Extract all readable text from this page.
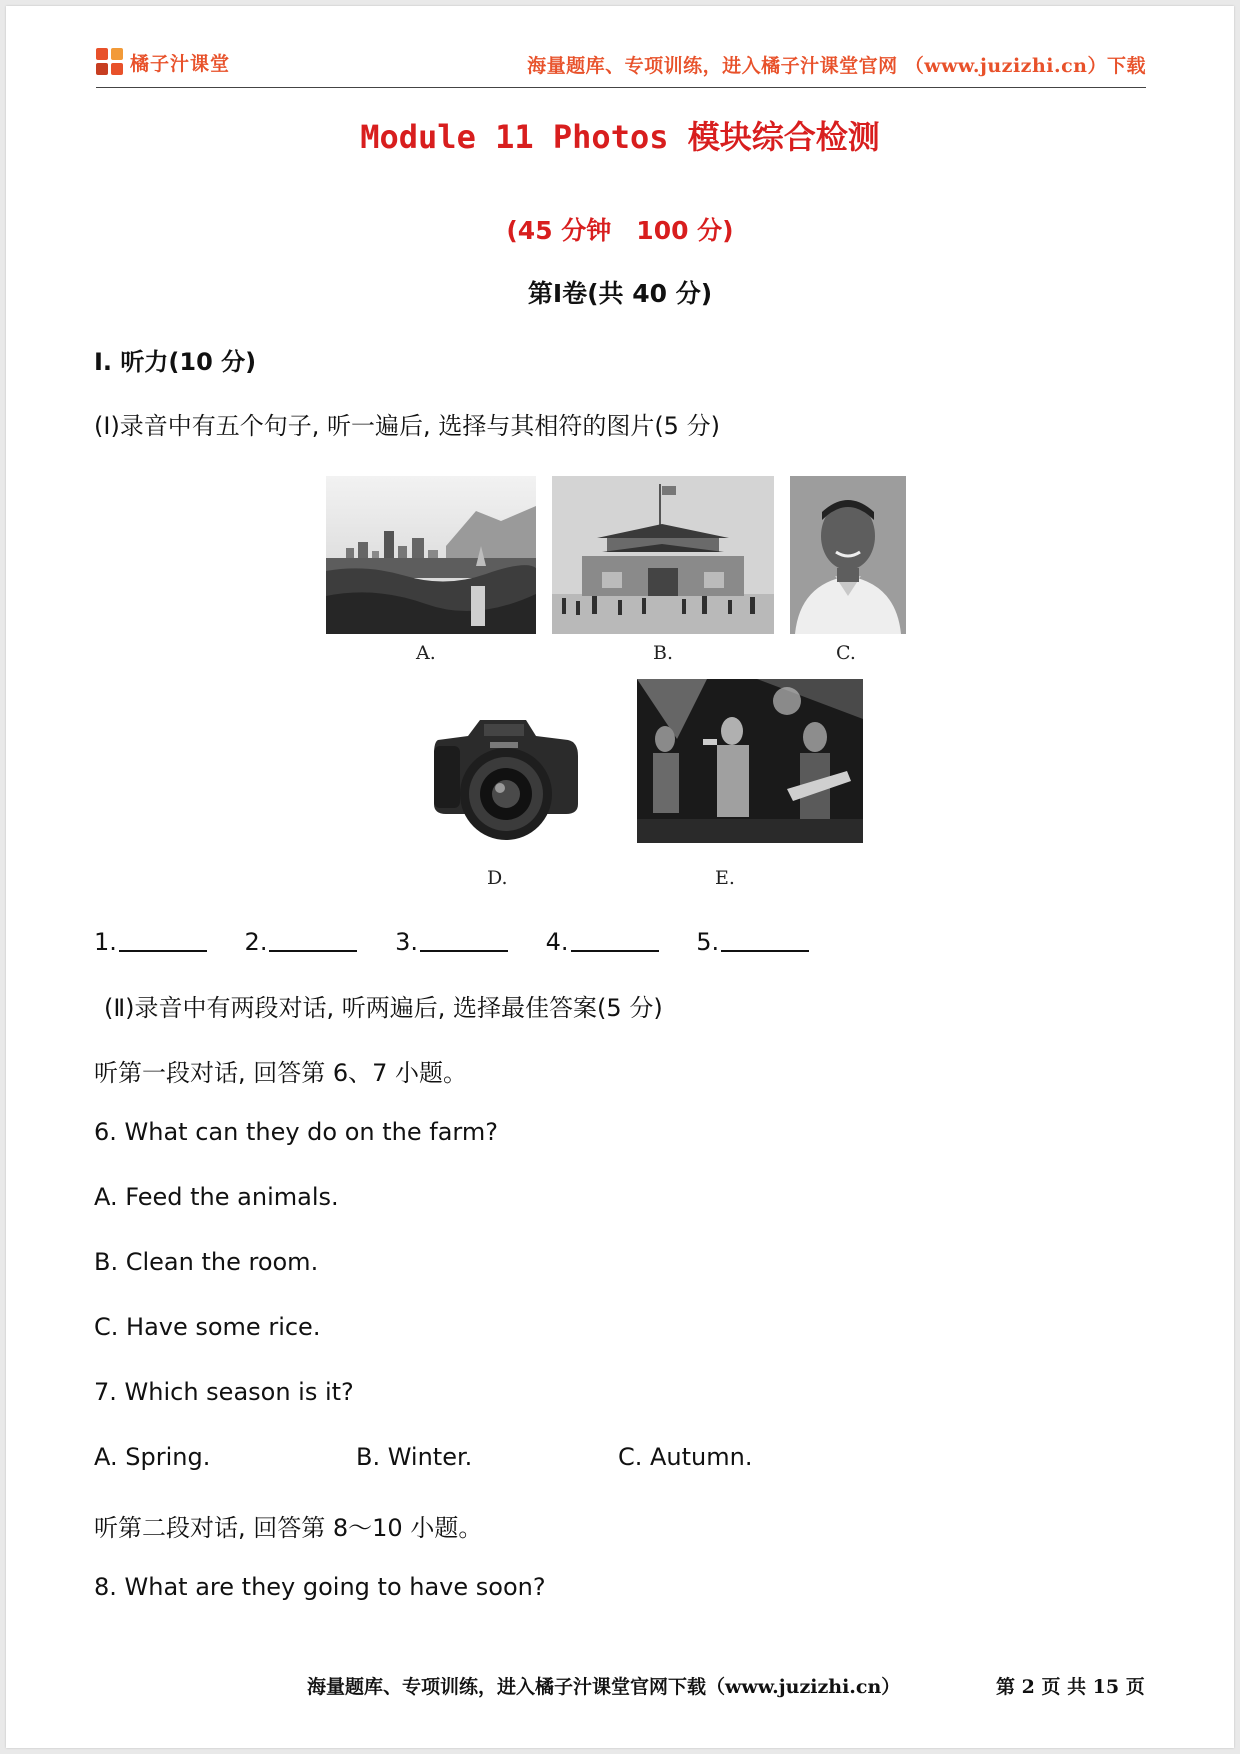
橘子汁课堂	海量题库、专项训练，进入橘子汁课堂官网 （www.juzizhi.cn）下载
Module 11 Photos 模块综合检测
(45 分钟　100 分)
第Ⅰ卷(共 40 分)
Ⅰ. 听力(10 分)
(Ⅰ)录音中有五个句子, 听一遍后, 选择与其相符的图片(5 分)
A.	B.	C.
D.	E.
1.	2.	3.	4.	5.
(Ⅱ)录音中有两段对话, 听两遍后, 选择最佳答案(5 分)
听第一段对话, 回答第 6、7 小题。
6. What can they do on the farm?
A. Feed the animals.
B. Clean the room.
C. Have some rice.
7. Which season is it?
A. Spring.	B. Winter.	C. Autumn.
听第二段对话, 回答第 8～10 小题。
8. What are they going to have soon?
海量题库、专项训练，进入橘子汁课堂官网下载（www.juzizhi.cn）	第 2 页 共 15 页
